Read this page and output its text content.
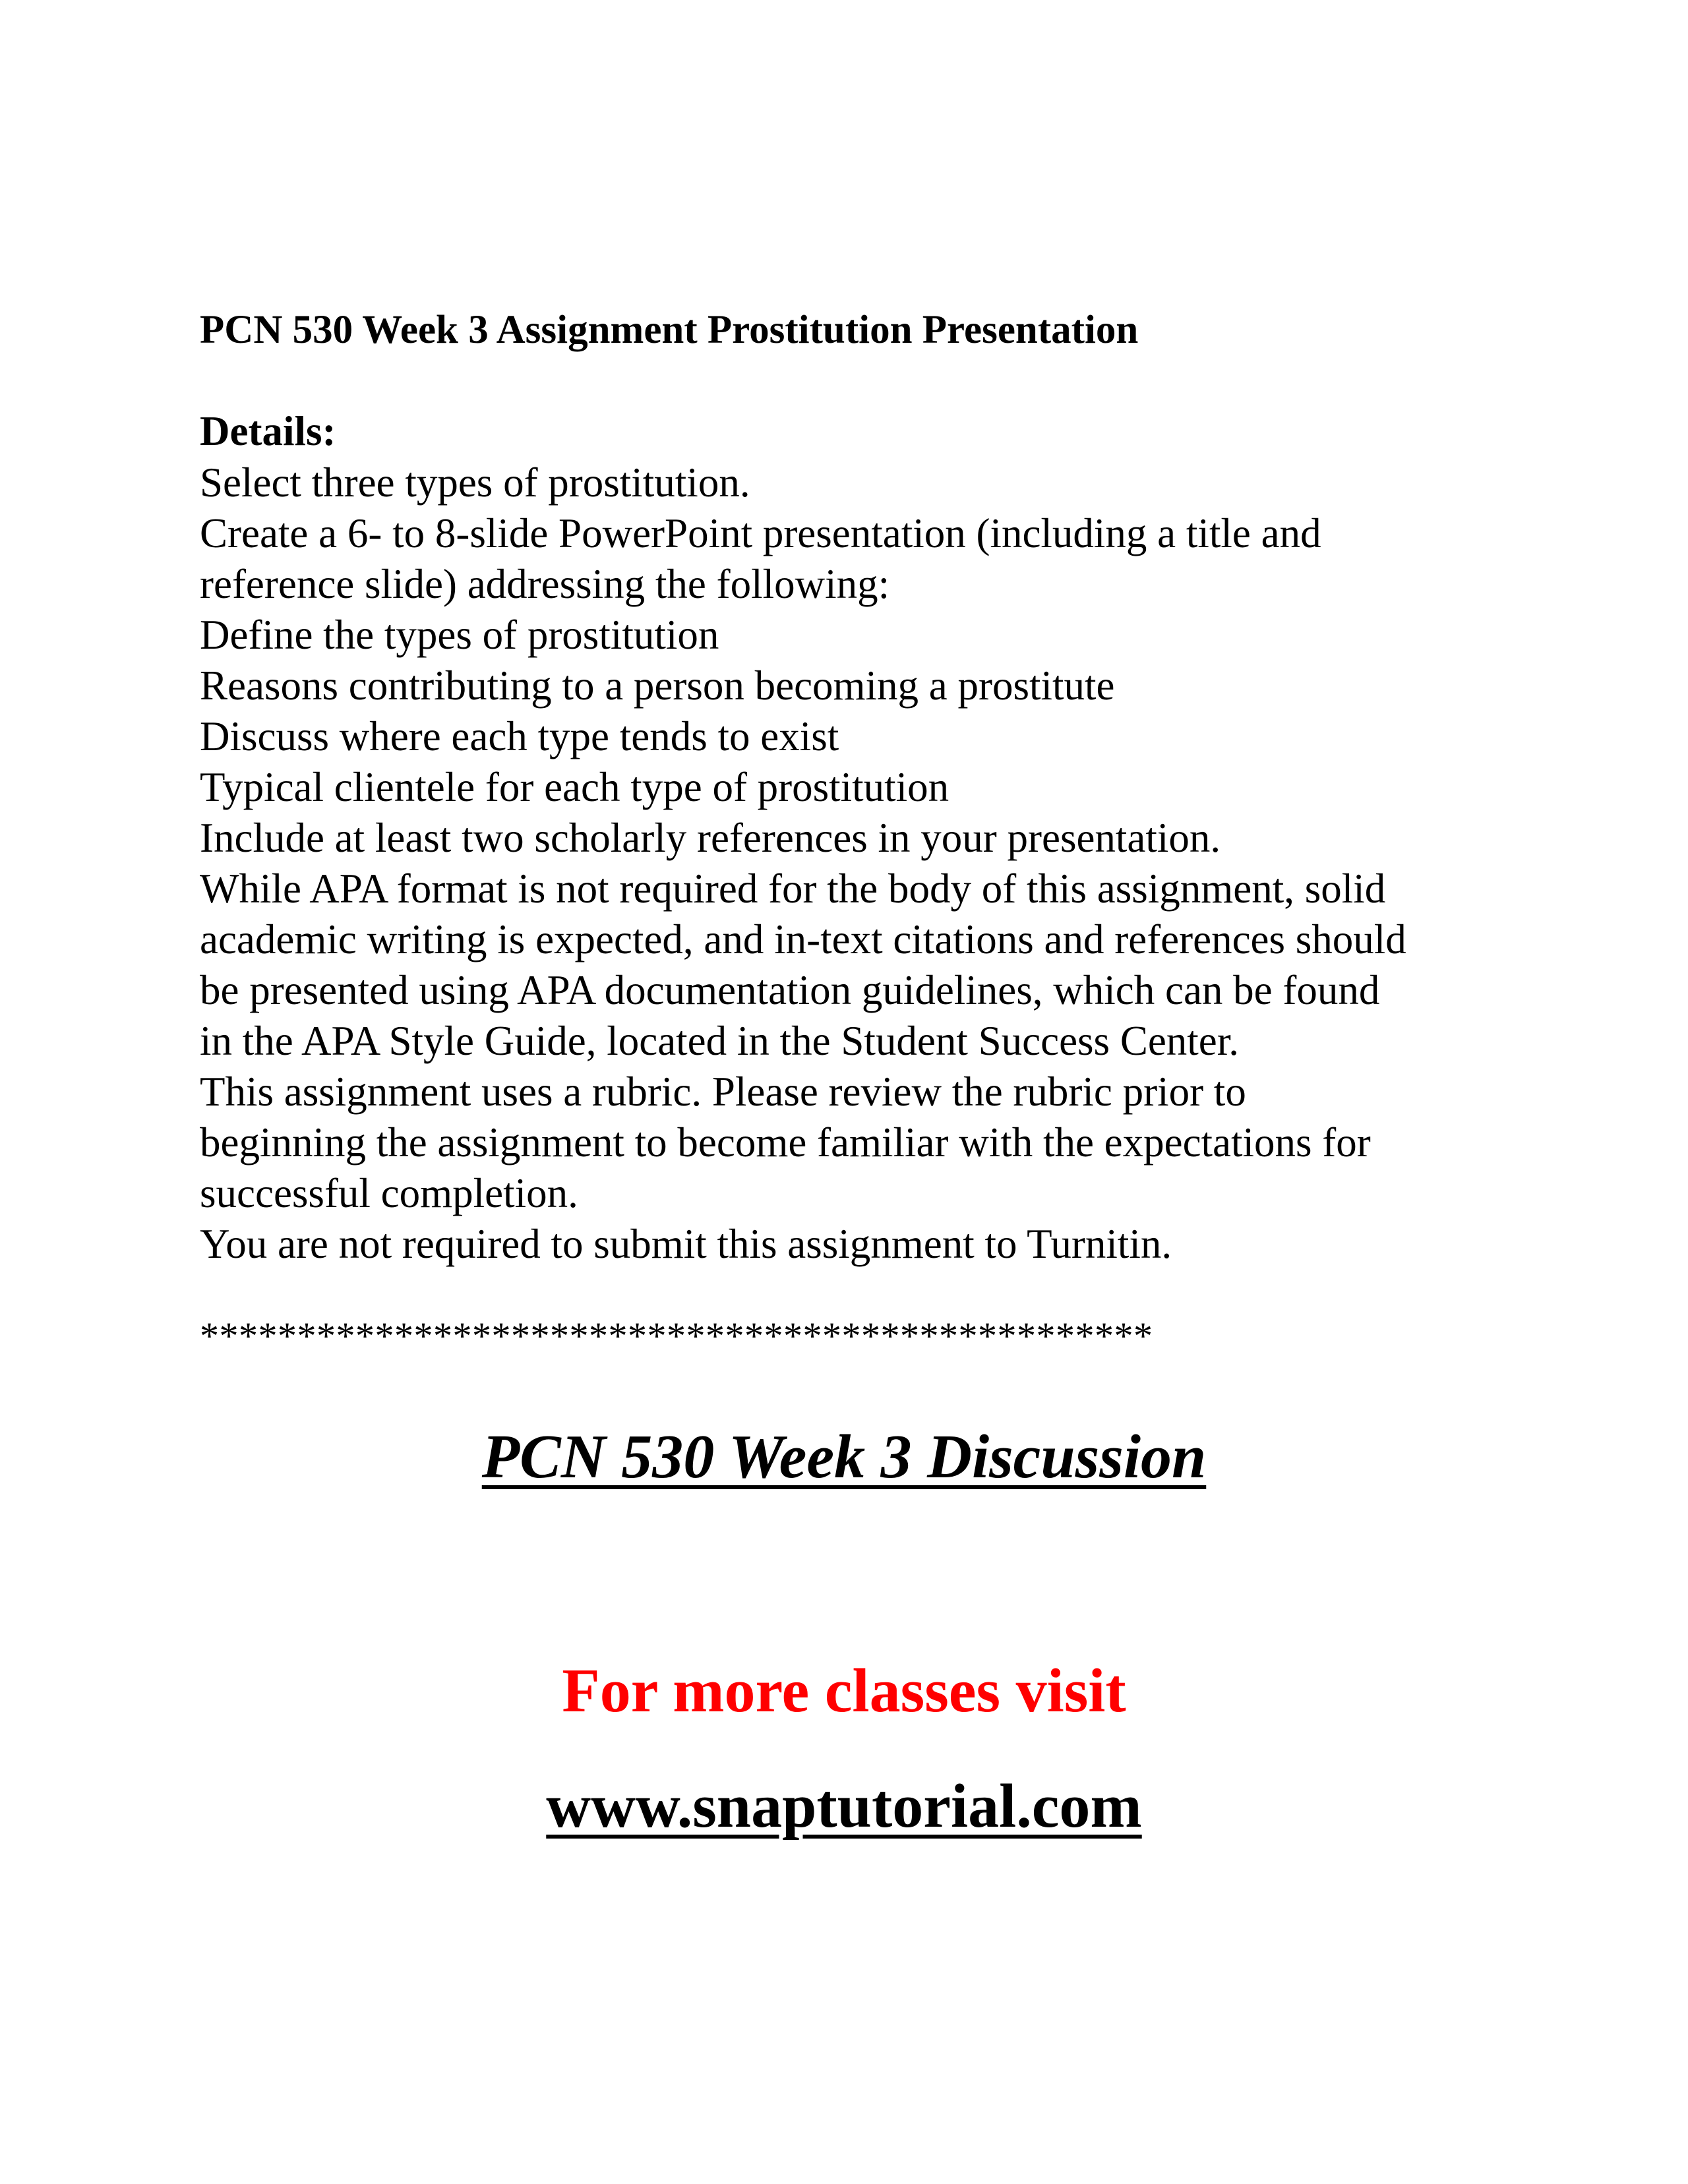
PCN 530 Week 3 Assignment Prostitution Presentation
Details:
Select three types of prostitution.
Create a 6- to 8-slide PowerPoint presentation (including a title and
reference slide) addressing the following:
Define the types of prostitution
Reasons contributing to a person becoming a prostitute
Discuss where each type tends to exist
Typical clientele for each type of prostitution
Include at least two scholarly references in your presentation.
While APA format is not required for the body of this assignment, solid
academic writing is expected, and in-text citations and references should
be presented using APA documentation guidelines, which can be found
in the APA Style Guide, located in the Student Success Center.
This assignment uses a rubric. Please review the rubric prior to
beginning the assignment to become familiar with the expectations for
successful completion.
You are not required to submit this assignment to Turnitin.
*************************************************
PCN 530 Week 3 Discussion
For more classes visit
www.snaptutorial.com
